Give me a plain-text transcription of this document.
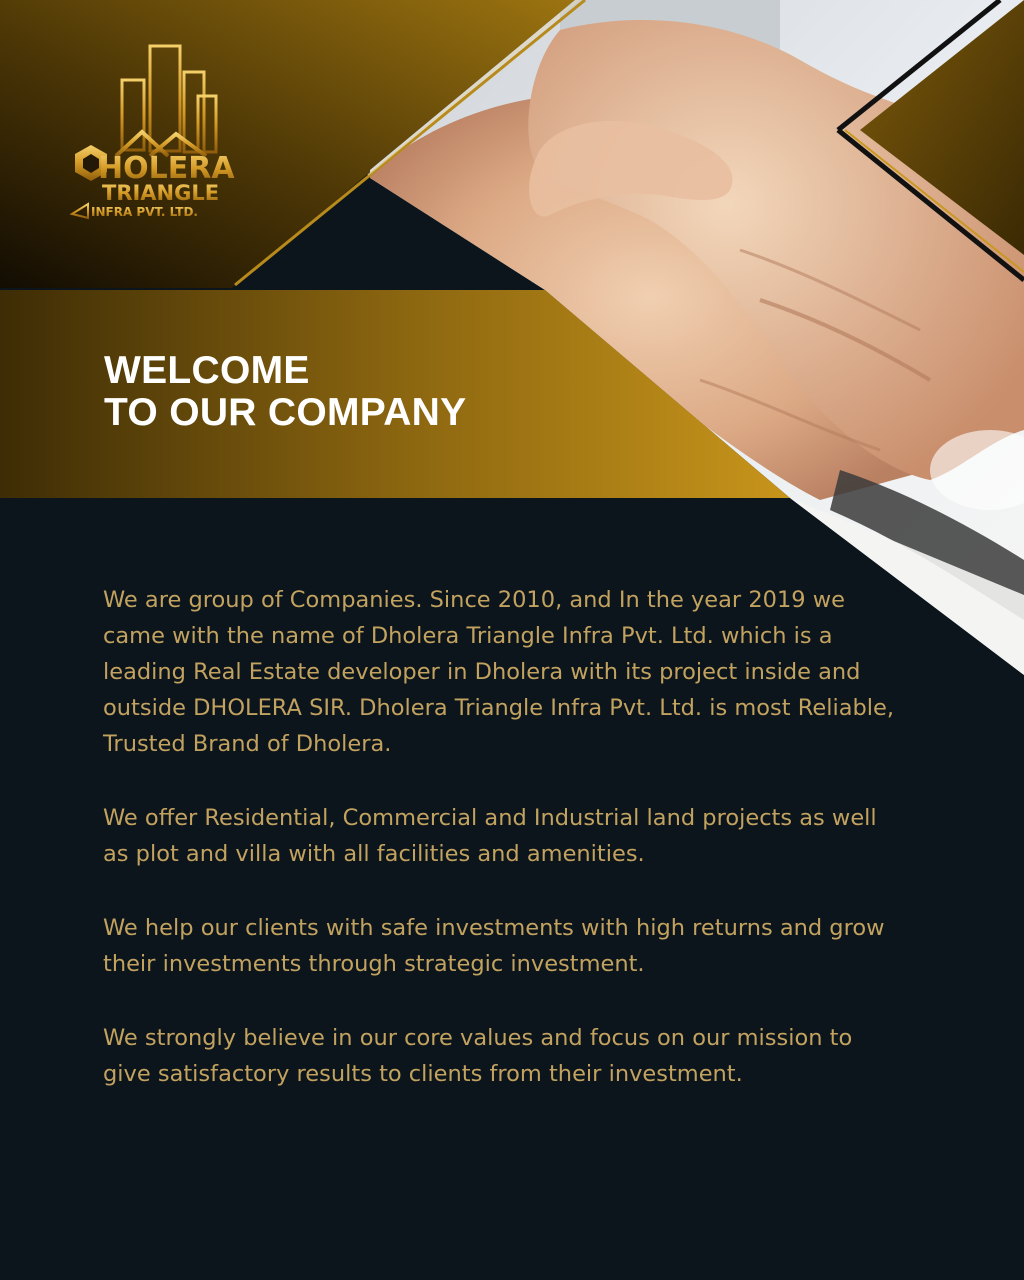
HOLERA
TRIANGLE
INFRA PVT. LTD.
WELCOME
TO OUR COMPANY

We are group of Companies. Since 2010, and In the year 2019 we came with the name of Dholera Triangle Infra Pvt. Ltd. which is a leading Real Estate developer in Dholera with its project inside and outside DHOLERA SIR. Dholera Triangle Infra Pvt. Ltd. is most Reliable, Trusted Brand of Dholera.

We offer Residential, Commercial and Industrial land projects as well as plot and villa with all facilities and amenities.

We help our clients with safe investments with high returns and grow their investments through strategic investment.

We strongly believe in our core values and focus on our mission to give satisfactory results to clients from their investment.
